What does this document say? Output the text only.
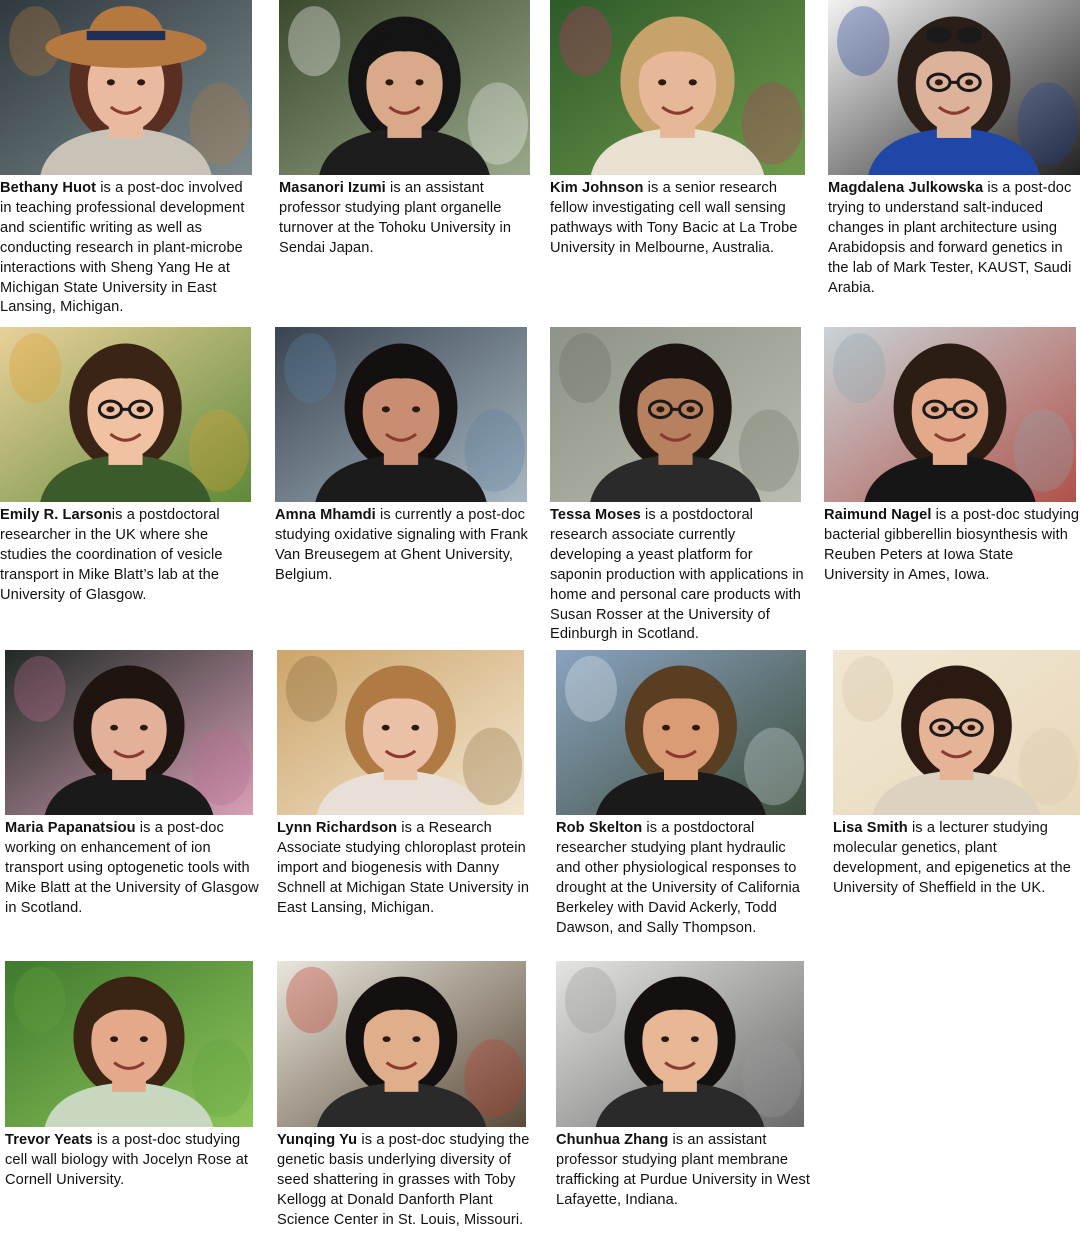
Bethany Huot is a post-doc involved in teaching professional development and scientific writing as well as conducting research in plant-microbe interactions with Sheng Yang He at Michigan State University in East Lansing, Michigan.
Masanori Izumi is an assistant professor studying plant organelle turnover at the Tohoku University in Sendai Japan.
Kim Johnson is a senior research fellow investigating cell wall sensing pathways with Tony Bacic at La Trobe University in Melbourne, Australia.
Magdalena Julkowska is a post-doc trying to understand salt-induced changes in plant architecture using Arabidopsis and forward genetics in the lab of Mark Tester, KAUST, Saudi Arabia.
Emily R. Larsonis a postdoctoral researcher in the UK where she studies the coordination of vesicle transport in Mike Blatt’s lab at the University of Glasgow.
Amna Mhamdi is currently a post-doc studying oxidative signaling with Frank Van Breusegem at Ghent University, Belgium.
Tessa Moses is a postdoctoral research associate currently developing a yeast platform for saponin production with applications in home and personal care products with Susan Rosser at the University of Edinburgh in Scotland.
Raimund Nagel is a post-doc studying bacterial gibberellin biosynthesis with Reuben Peters at Iowa State University in Ames, Iowa.
Maria Papanatsiou is a post-doc working on enhancement of ion transport using optogenetic tools with Mike Blatt at the University of Glasgow in Scotland.
Lynn Richardson is a Research Associate studying chloroplast protein import and biogenesis with Danny Schnell at Michigan State University in East Lansing, Michigan.
Rob Skelton is a postdoctoral researcher studying plant hydraulic and other physiological responses to drought at the University of California Berkeley with David Ackerly, Todd Dawson, and Sally Thompson.
Lisa Smith is a lecturer studying molecular genetics, plant development, and epigenetics at the University of Sheffield in the UK.
Trevor Yeats is a post-doc studying cell wall biology with Jocelyn Rose at Cornell University.
Yunqing Yu is a post-doc studying the genetic basis underlying diversity of seed shattering in grasses with Toby Kellogg at Donald Danforth Plant Science Center in St. Louis, Missouri.
Chunhua Zhang is an assistant professor studying plant membrane trafficking at Purdue University in West Lafayette, Indiana.
